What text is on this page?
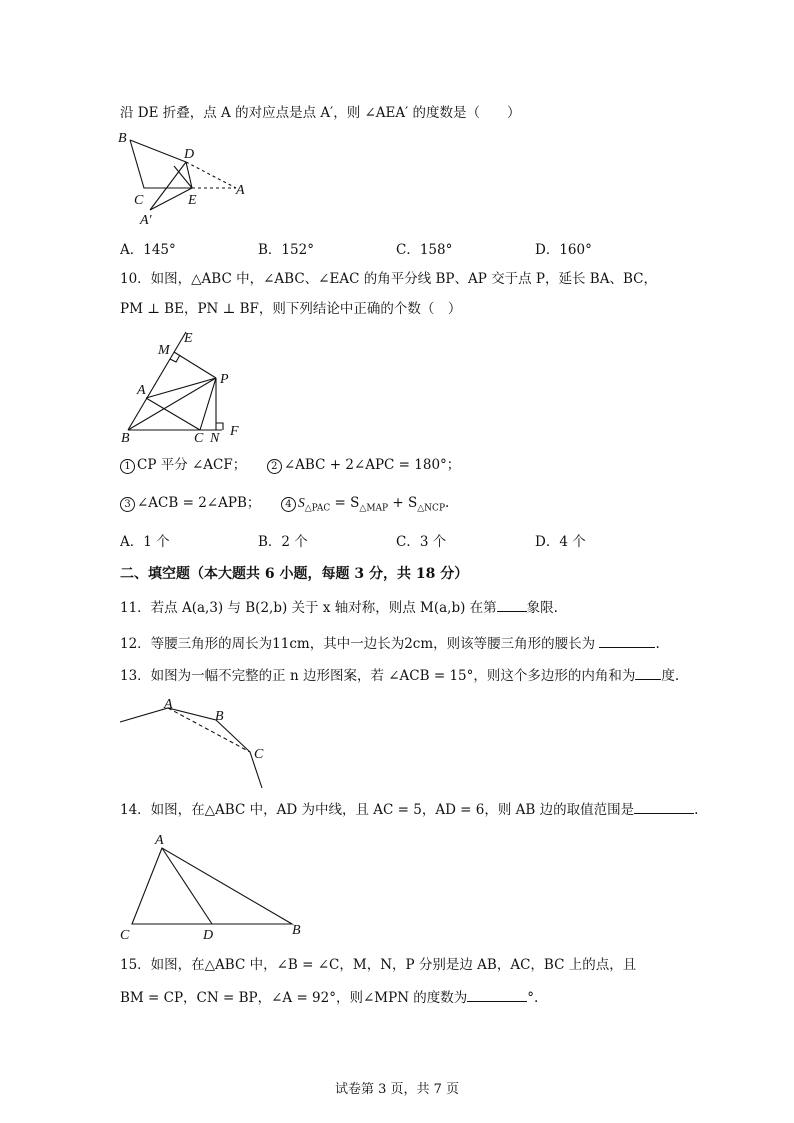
沿 DE 折叠，点 A 的对应点是点 A′，则 ∠AEA′ 的度数是（　　）
B
D
C	E
A
A′
A．145°	B．152°	C．158°	D．160°
10．如图，△ABC 中，∠ABC、∠EAC 的角平分线 BP、AP 交于点 P，延长 BA、BC，
PM ⊥ BE，PN ⊥ BF，则下列结论中正确的个数（　）
E
M
A
P
B	C N F
1 CP 平分 ∠ACF； 2 ∠ABC + 2∠APC = 180°；
3 ∠ACB = 2∠APB； 4 $S_{\triangle PAC} = S_{\triangle MAP} + S_{\triangle NCP}$.
A．1 个	B．2 个	C．3 个	D．4 个
二、填空题（本大题共 6 小题，每题 3 分，共 18 分）
11．若点 A(a,3) 与 B(2,b) 关于 x 轴对称，则点 M(a,b) 在第 象限.
12．等腰三角形的周长为11cm，其中一边长为2cm，则该等腰三角形的腰长为	.
13．如图为一幅不完整的正 n 边形图案，若 ∠ACB = 15°，则这个多边形的内角和为 度.
A
B
C
14．如图，在△ABC 中，AD 为中线，且 AC = 5，AD = 6，则 AB 边的取值范围是	.
A
C	D	B
15．如图，在△ABC 中，∠B = ∠C，M，N，P 分别是边 AB，AC，BC 上的点，且
BM = CP，CN = BP，∠A = 92°，则∠MPN 的度数为	°.
试卷第 3 页，共 7 页
